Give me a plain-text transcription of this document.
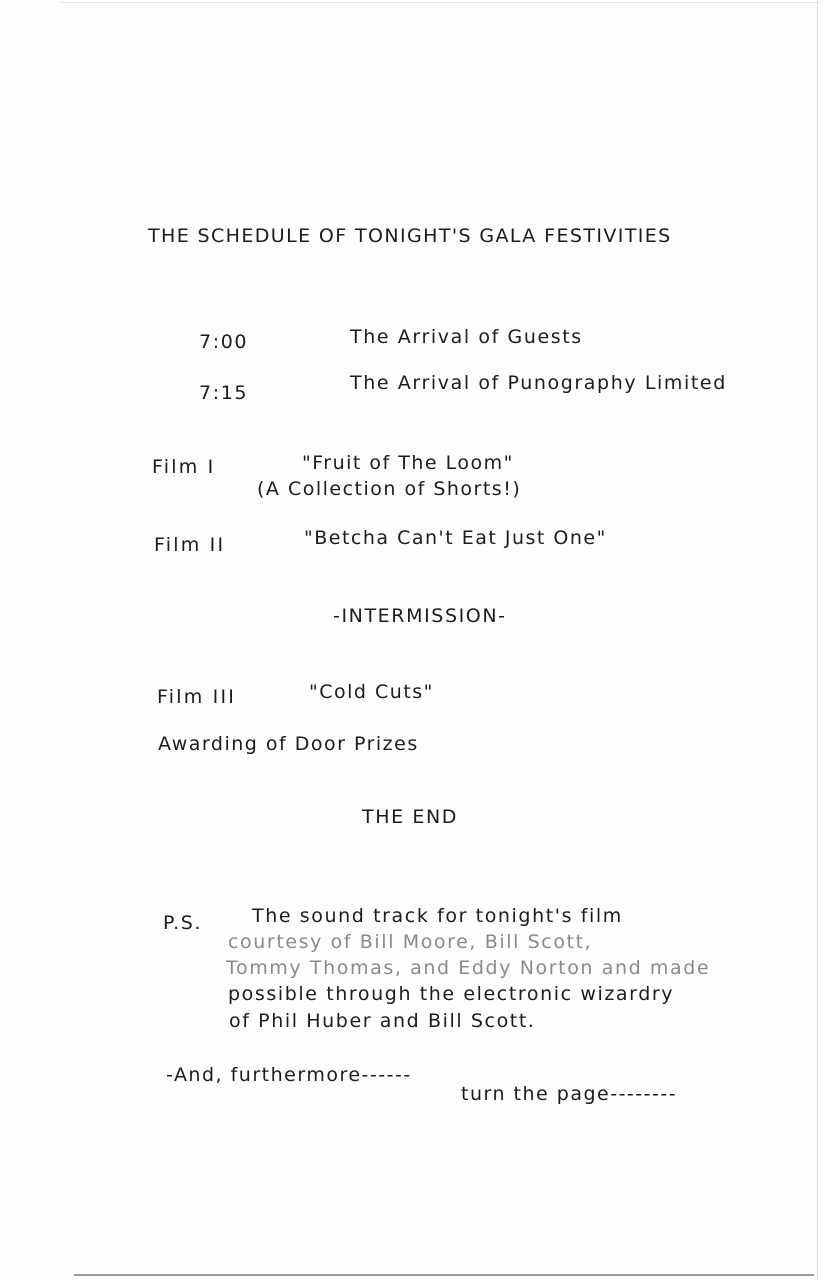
THE SCHEDULE OF TONIGHT'S GALA FESTIVITIES
7:00	The Arrival of Guests
7:15	The Arrival of Punography Limited
Film I	"Fruit of The Loom"
(A Collection of Shorts!)
Film II	"Betcha Can't Eat Just One"
-INTERMISSION-
Film III	"Cold Cuts"
Awarding of Door Prizes
THE END
P.S.	The sound track for tonight's film
courtesy of Bill Moore, Bill Scott,
Tommy Thomas, and Eddy Norton and made
possible through the electronic wizardry
of Phil Huber and Bill Scott.
-And, furthermore------
turn the page--------
